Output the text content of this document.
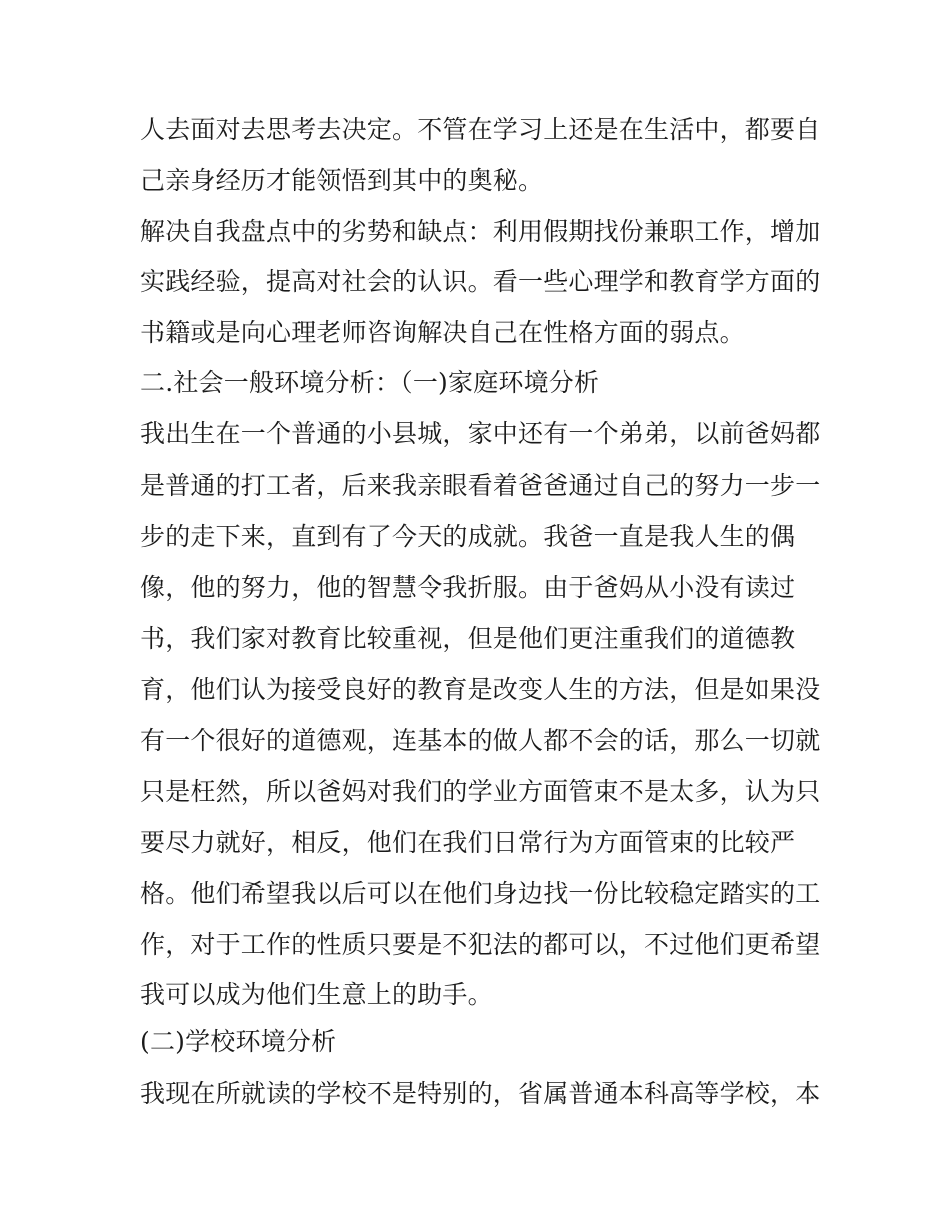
人去面对去思考去决定。不管在学习上还是在生活中，都要自
己亲身经历才能领悟到其中的奥秘。
解决自我盘点中的劣势和缺点：利用假期找份兼职工作，增加
实践经验，提高对社会的认识。看一些心理学和教育学方面的
书籍或是向心理老师咨询解决自己在性格方面的弱点。
二.社会一般环境分析：（一)家庭环境分析
我出生在一个普通的小县城，家中还有一个弟弟，以前爸妈都
是普通的打工者，后来我亲眼看着爸爸通过自己的努力一步一
步的走下来，直到有了今天的成就。我爸一直是我人生的偶
像，他的努力，他的智慧令我折服。由于爸妈从小没有读过
书，我们家对教育比较重视，但是他们更注重我们的道德教
育，他们认为接受良好的教育是改变人生的方法，但是如果没
有一个很好的道德观，连基本的做人都不会的话，那么一切就
只是枉然，所以爸妈对我们的学业方面管束不是太多，认为只
要尽力就好，相反，他们在我们日常行为方面管束的比较严
格。他们希望我以后可以在他们身边找一份比较稳定踏实的工
作，对于工作的性质只要是不犯法的都可以，不过他们更希望
我可以成为他们生意上的助手。
(二)学校环境分析
我现在所就读的学校不是特别的，省属普通本科高等学校，本
